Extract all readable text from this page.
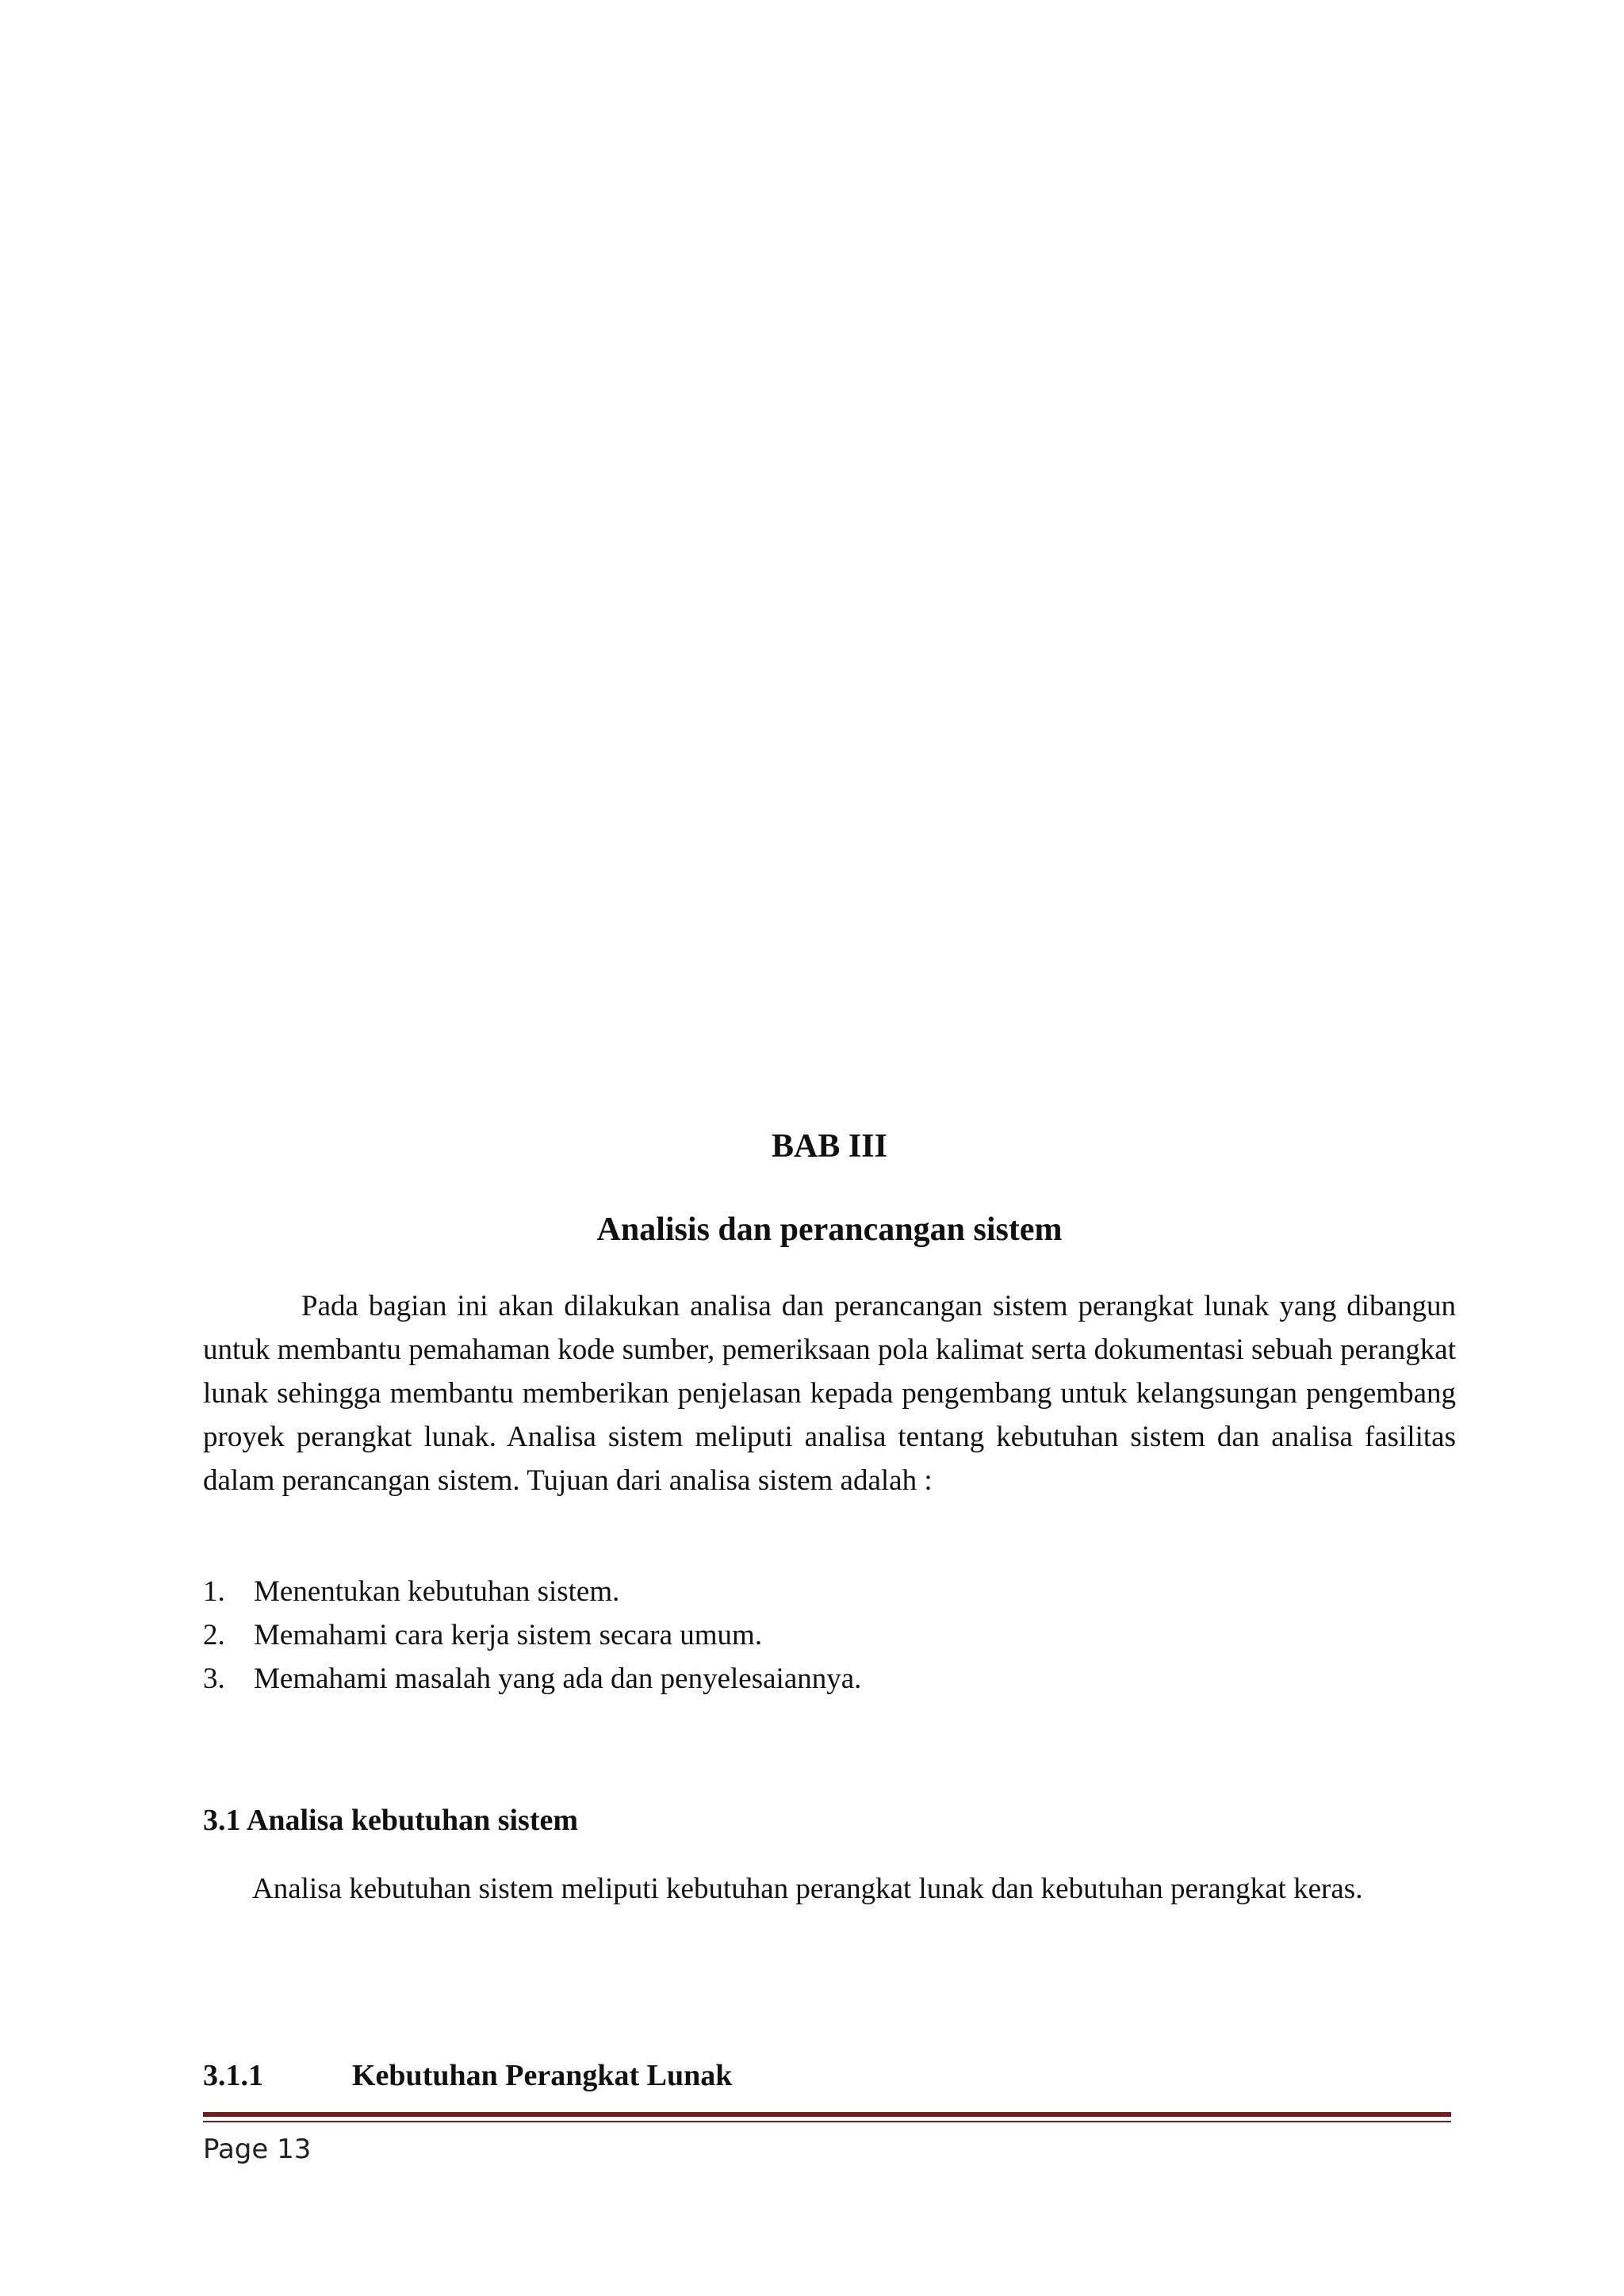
BAB III
Analisis dan perancangan sistem

Pada bagian ini akan dilakukan analisa dan perancangan sistem perangkat lunak yang dibangun untuk membantu pemahaman kode sumber, pemeriksaan pola kalimat serta dokumentasi sebuah perangkat lunak sehingga membantu memberikan penjelasan kepada pengembang untuk kelangsungan pengembang proyek perangkat lunak. Analisa sistem meliputi analisa tentang kebutuhan sistem dan analisa fasilitas dalam perancangan sistem. Tujuan dari analisa sistem adalah :

1. Menentukan kebutuhan sistem.
2. Memahami cara kerja sistem secara umum.
3. Memahami masalah yang ada dan penyelesaiannya.
3.1 Analisa kebutuhan sistem

Analisa kebutuhan sistem meliputi kebutuhan perangkat lunak dan kebutuhan perangkat keras.

3.1.1	Kebutuhan Perangkat Lunak
Page 13
